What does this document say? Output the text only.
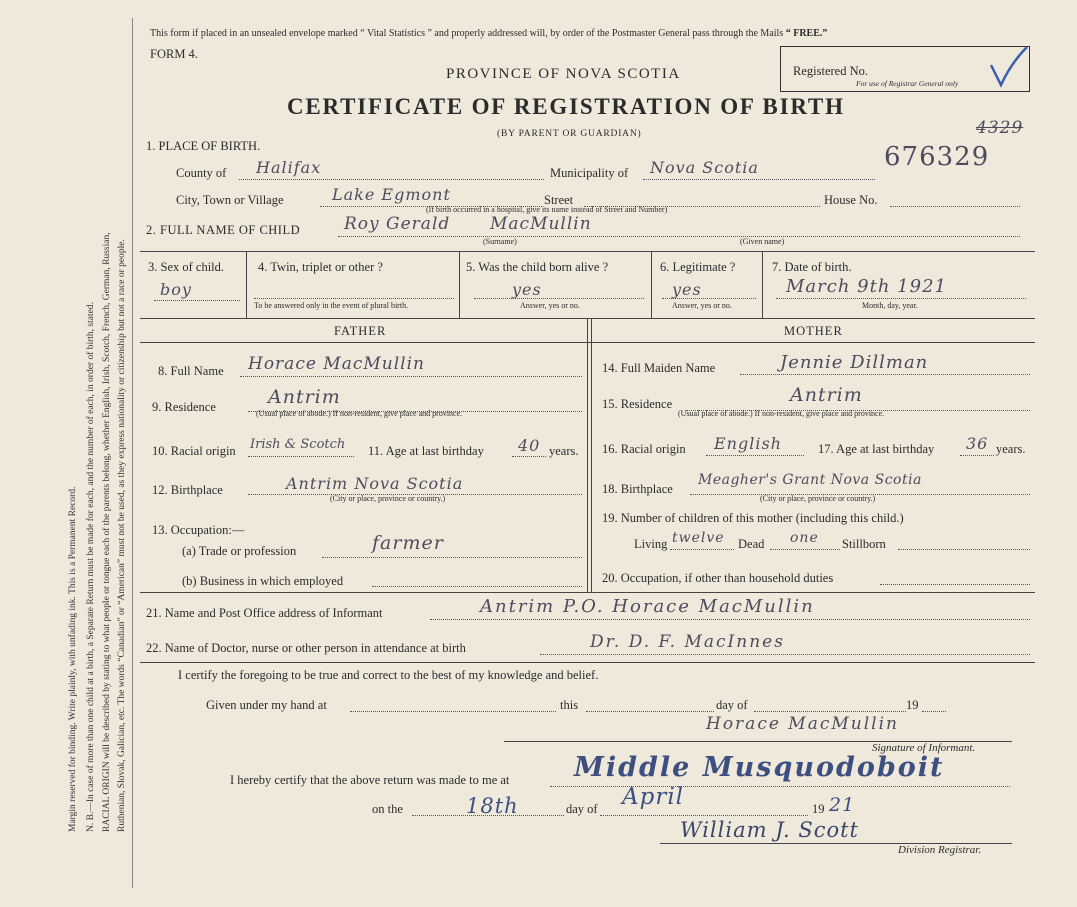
Margin reserved for binding. Write plainly, with unfading ink. This is a Permanent Record. N. B.—In case of more than one child at a birth, a Separate Return must be made for each, and the number of each, in order of birth, stated. RACIAL ORIGIN will be described by stating to what people or tongue each of the parents belong, whether English, Irish, Scotch, French, German, Russian, Ruthenian, Slovak, Galician, etc. The words “Canadian” or “American” must not be used, as they express nationality or citizenship but not a race or people.
This form if placed in an unsealed envelope marked “ Vital Statistics ” and properly addressed will, by order of the Postmaster General pass through the Mails “ FREE.”
FORM 4.
PROVINCE OF NOVA SCOTIA
CERTIFICATE OF REGISTRATION OF BIRTH
(BY PARENT OR GUARDIAN)
Registered No.
For use of Registrar General only
4329
676329
1. PLACE OF BIRTH.
County of Halifax	Municipality of Nova Scotia
City, Town or Village	Lake Egmont	Street	House No.
(If birth occurred in a hospital, give its name instead of Street and Number)
2. FULL NAME OF CHILD	Roy Gerald MacMullin
(Surname)	(Given name)
3. Sex of child.
boy
4. Twin, triplet or other ?
To be answered only in the event of plural birth.
5. Was the child born alive ?
yes
Answer, yes or no.
6. Legitimate ?
yes
Answer, yes or no.
7. Date of birth.
March 9th 1921
Month, day, year.
FATHER	MOTHER
8. Full Name Horace MacMullin
9. Residence	Antrim
(Usual place of abode.) If non-resident, give place and province.
10. Racial origin Irish & Scotch 11. Age at last birthday 40 years.
12. Birthplace	Antrim Nova Scotia
(City or place, province or country.)
13. Occupation:—
(a) Trade or profession	farmer
(b) Business in which employed
14. Full Maiden Name	Jennie Dillman
15. Residence	Antrim
(Usual place of abode.) If non-resident, give place and province.
16. Racial origin English	17. Age at last birthday 36 years.
18. Birthplace
Meagher's Grant Nova Scotia
(City or place, province or country.)
19. Number of children of this mother (including this child.)
Living twelve Dead one Stillborn
20. Occupation, if other than household duties
21. Name and Post Office address of Informant	Antrim P.O. Horace MacMullin
22. Name of Doctor, nurse or other person in attendance at birth	Dr. D. F. MacInnes
I certify the foregoing to be true and correct to the best of my knowledge and belief.
Given under my hand at	this	day of	19
Horace MacMullin
Signature of Informant.
I hereby certify that the above return was made to me at Middle Musquodoboit
on the	18th	day of April	19 21
William J. Scott
Division Registrar.
